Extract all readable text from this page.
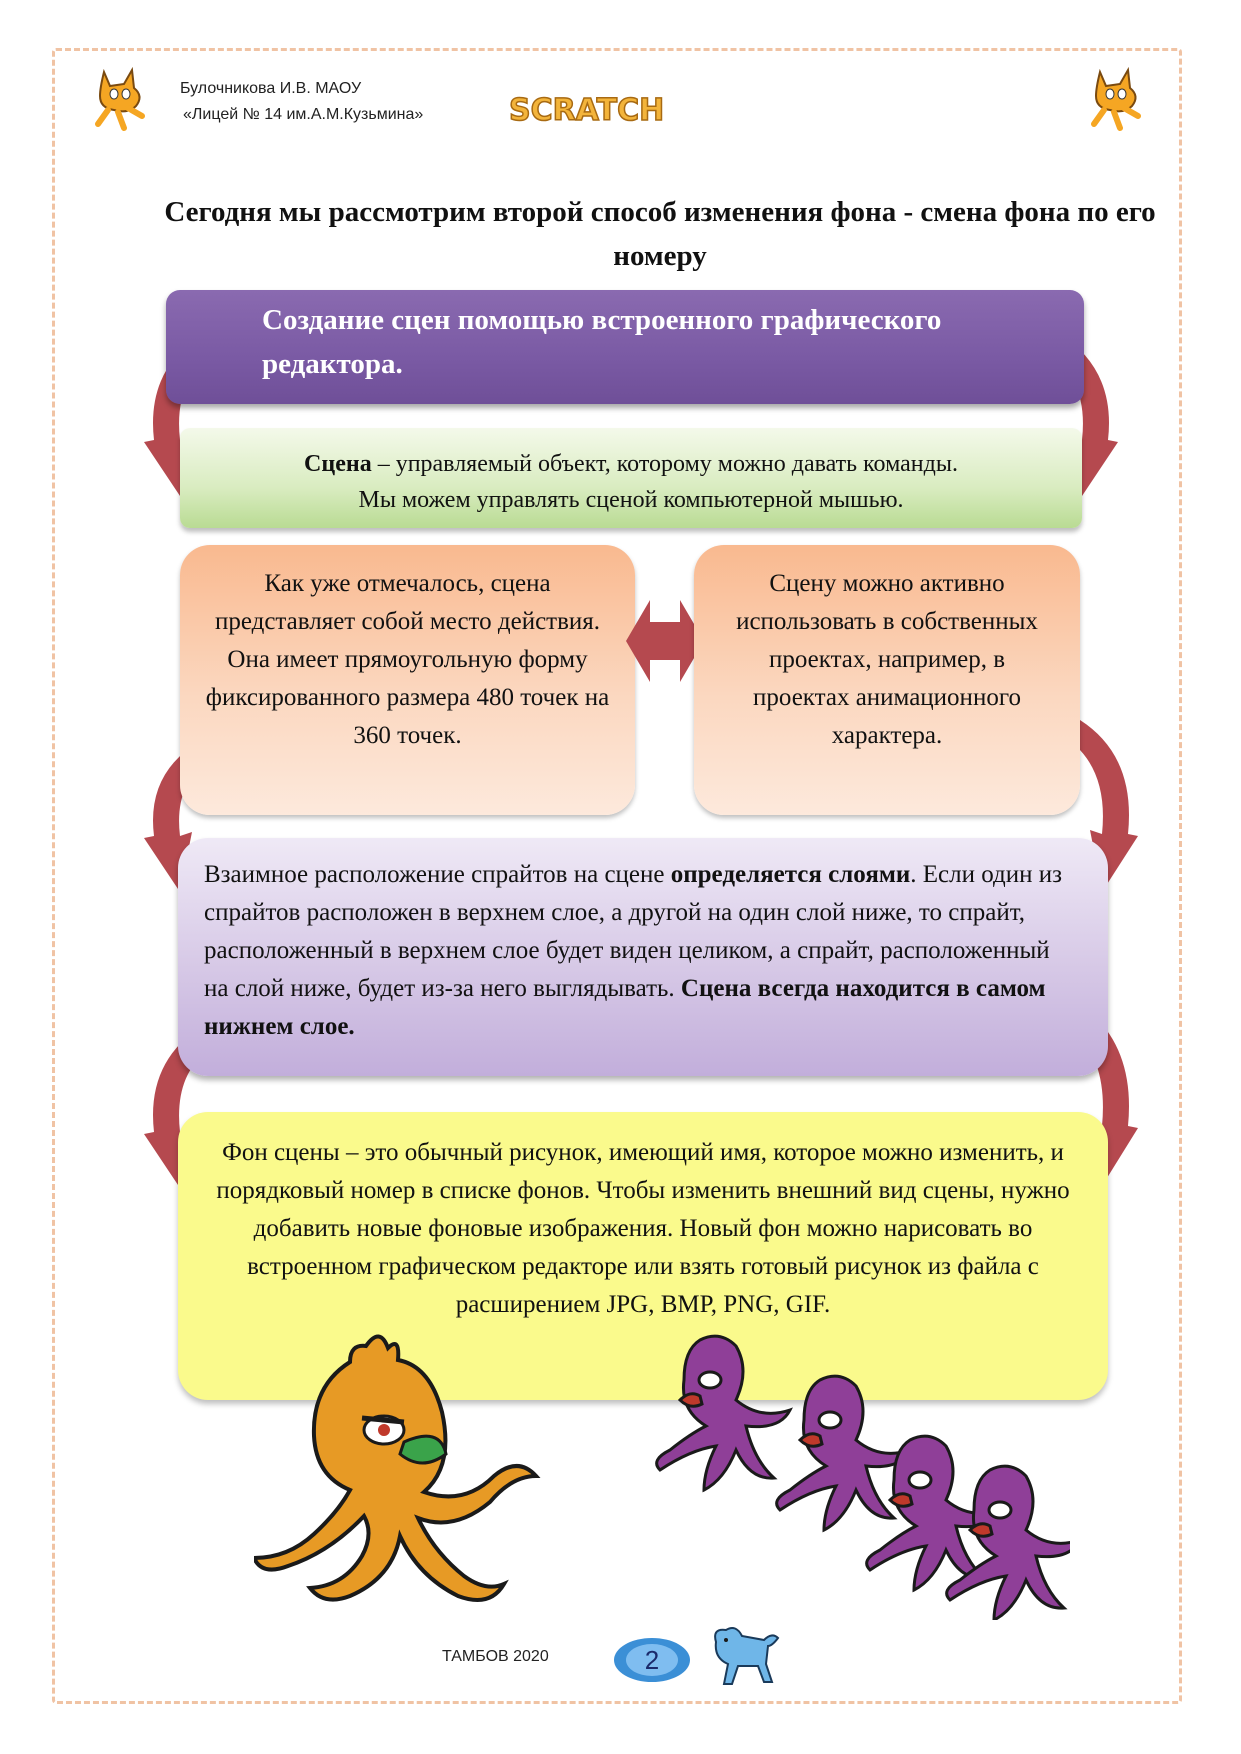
Булочникова И.В. МАОУ
«Лицей № 14 им.А.М.Кузьмина»	SCRATCH
Сегодня мы рассмотрим второй способ изменения фона - смена фона по его номеру
Создание сцен помощью встроенного графического редактора.
Сцена – управляемый объект, которому можно давать команды.
Мы можем управлять сценой компьютерной мышью.
Как уже отмечалось, сцена представляет собой место действия. Она имеет прямоугольную форму фиксированного размера 480 точек на 360 точек.
Сцену можно активно использовать в собственных проектах, например, в проектах анимационного характера.
Взаимное расположение спрайтов на сцене определяется слоями. Если один из спрайтов расположен в верхнем слое, а другой на один слой ниже, то спрайт, расположенный в верхнем слое будет виден целиком, а спрайт, расположенный на слой ниже, будет из-за него выглядывать. Сцена всегда находится в самом нижнем слое.
Фон сцены – это обычный рисунок, имеющий имя, которое можно изменить, и порядковый номер в списке фонов. Чтобы изменить внешний вид сцены, нужно добавить новые фоновые изображения. Новый фон можно нарисовать во встроенном графическом редакторе или взять готовый рисунок из файла с расширением JPG, BMP, PNG, GIF.
ТАМБОВ 2020	2
